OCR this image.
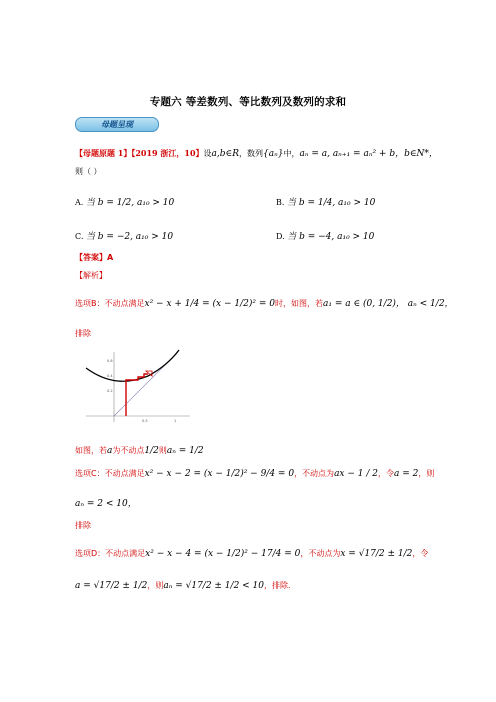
专题六 等差数列、等比数列及数列的求和
母题呈现
【母题原题 1】【2019 浙江，10】设a,b∈R，数列{aₙ}中，aₙ = a, aₙ₊₁ = aₙ² + b，b∈N*，
则（ ）
A. 当 b = 1/2, a₁₀ > 10	B. 当 b = 1/4, a₁₀ > 10
C. 当 b = −2, a₁₀ > 10	D. 当 b = −4, a₁₀ > 10
【答案】A
【解析】
选项B：不动点满足x² − x + 1/4 = (x − 1/2)² = 0时，如图，若a₁ = a ∈ (0, 1/2)， aₙ < 1/2，
排除
0.6
0.4
0.2
0.5	1
如图，若a为不动点1/2则aₙ = 1/2
选项C：不动点满足x² − x − 2 = (x − 1/2)² − 9/4 = 0，不动点为ax − 1 / 2，令a = 2，则
aₙ = 2 < 10，
排除
选项D：不动点满足x² − x − 4 = (x − 1/2)² − 17/4 = 0，不动点为x = √17/2 ± 1/2，令
a = √17/2 ± 1/2，则aₙ = √17/2 ± 1/2 < 10，排除.
